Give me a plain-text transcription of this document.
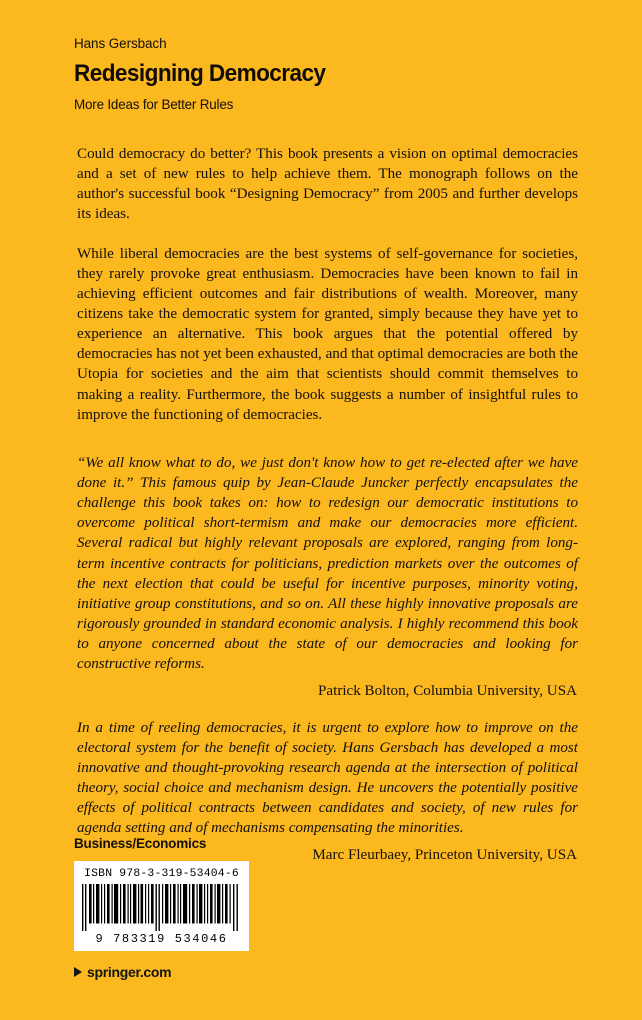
Hans Gersbach

Redesigning Democracy

More Ideas for Better Rules

Could democracy do better? This book presents a vision on optimal democracies and a set of new rules to help achieve them. The monograph follows on the author's successful book “Designing Democracy” from 2005 and further develops its ideas.

While liberal democracies are the best systems of self-governance for societies, they rarely provoke great enthusiasm. Democracies have been known to fail in achieving efficient outcomes and fair distributions of wealth. Moreover, many citizens take the democratic system for granted, simply because they have yet to experience an alternative. This book argues that the potential offered by democracies has not yet been exhausted, and that optimal democracies are both the Utopia for societies and the aim that scientists should commit themselves to making a reality. Furthermore, the book suggests a number of insightful rules to improve the functioning of democracies.

“We all know what to do, we just don't know how to get re-elected after we have done it.” This famous quip by Jean-Claude Juncker perfectly encapsulates the challenge this book takes on: how to redesign our democratic institutions to overcome political short-termism and make our democracies more efficient. Several radical but highly relevant proposals are explored, ranging from long-term incentive contracts for politicians, prediction markets over the outcomes of the next election that could be useful for incentive purposes, minority voting, initiative group constitutions, and so on. All these highly innovative proposals are rigorously grounded in standard economic analysis. I highly recommend this book to anyone concerned about the state of our democracies and looking for constructive reforms.

Patrick Bolton, Columbia University, USA

In a time of reeling democracies, it is urgent to explore how to improve on the electoral system for the benefit of society. Hans Gersbach has developed a most innovative and thought-provoking research agenda at the intersection of political theory, social choice and mechanism design. He uncovers the potentially positive effects of political contracts between candidates and society, of new rules for agenda setting and of mechanisms compensating the minorities.

Marc Fleurbaey, Princeton University, USA

Business/Economics

ISBN 978-3-319-53404-6
9 783319 534046
springer.com
